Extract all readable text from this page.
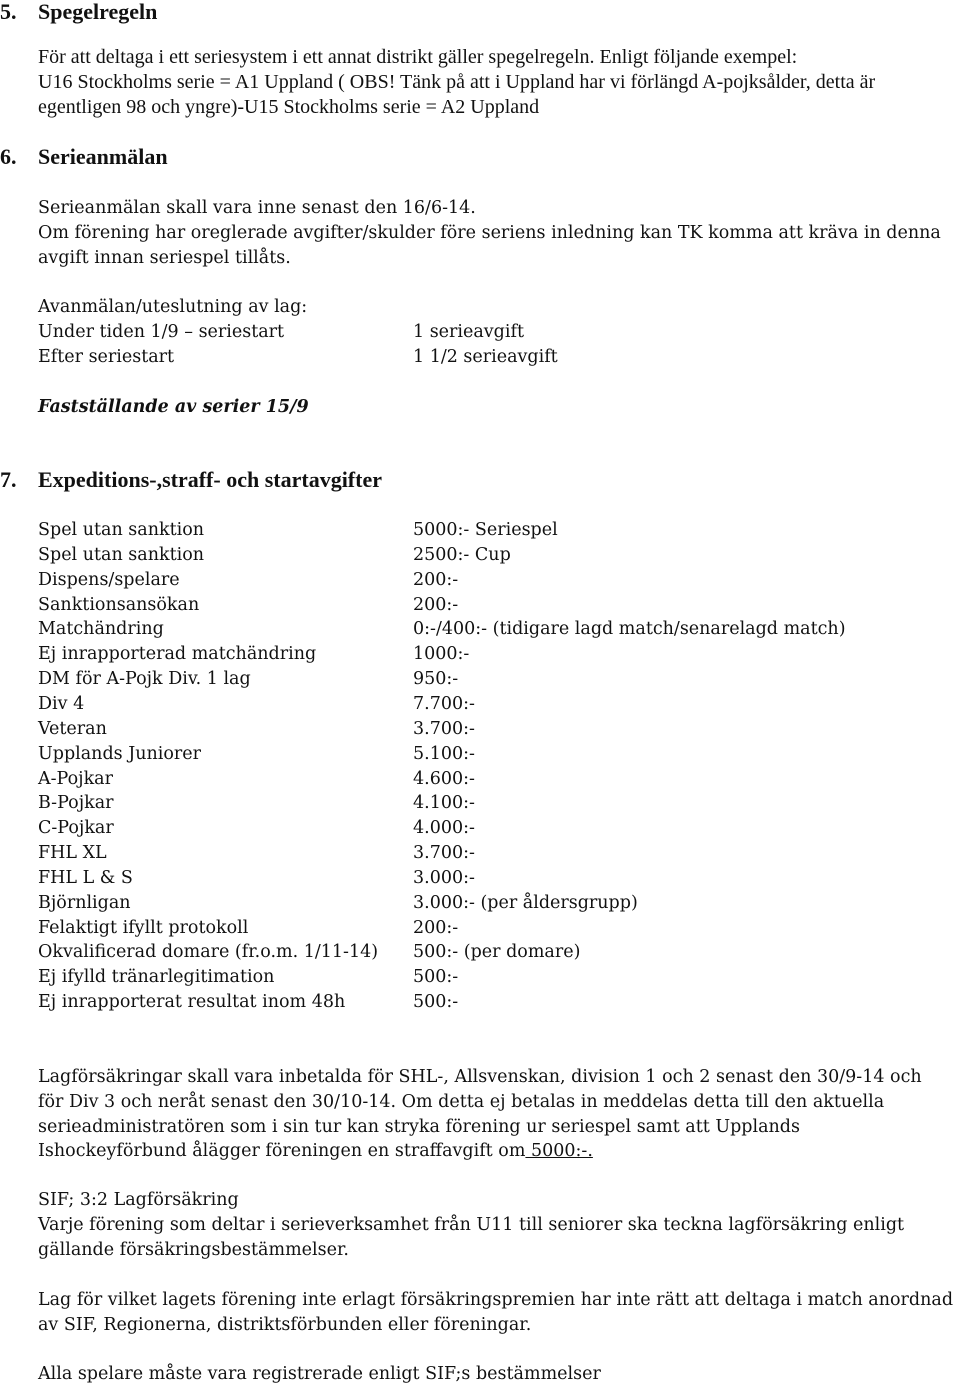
5. Spegelregeln
För att deltaga i ett seriesystem i ett annat distrikt gäller spegelregeln. Enligt följande exempel:
U16 Stockholms serie = A1 Uppland ( OBS! Tänk på att i Uppland har vi förlängd A-pojksålder, detta är
egentligen 98 och yngre)-U15 Stockholms serie = A2 Uppland
6. Serieanmälan
Serieanmälan skall vara inne senast den 16/6-14.
Om förening har oreglerade avgifter/skulder före seriens inledning kan TK komma att kräva in denna
avgift innan seriespel tillåts.
Avanmälan/uteslutning av lag:
Under tiden 1/9 – seriestart	1 serieavgift
Efter seriestart	1 1/2 serieavgift
Fastställande av serier 15/9
7. Expeditions-,straff- och startavgifter
Spel utan sanktion	5000:- Seriespel
Spel utan sanktion	2500:- Cup
Dispens/spelare	200:-
Sanktionsansökan	200:-
Matchändring	0:-/400:- (tidigare lagd match/senarelagd match)
Ej inrapporterad matchändring	1000:-
DM för A-Pojk Div. 1 lag	950:-
Div 4	7.700:-
Veteran	3.700:-
Upplands Juniorer	5.100:-
A-Pojkar	4.600:-
B-Pojkar	4.100:-
C-Pojkar	4.000:-
FHL XL	3.700:-
FHL L & S	3.000:-
Björnligan	3.000:- (per åldersgrupp)
Felaktigt ifyllt protokoll	200:-
Okvalificerad domare (fr.o.m. 1/11-14) 500:- (per domare)
Ej ifylld tränarlegitimation	500:-
Ej inrapporterat resultat inom 48h	500:-
Lagförsäkringar skall vara inbetalda för SHL-, Allsvenskan, division 1 och 2 senast den 30/9-14 och
för Div 3 och neråt senast den 30/10-14. Om detta ej betalas in meddelas detta till den aktuella
serieadministratören som i sin tur kan stryka förening ur seriespel samt att Upplands
Ishockeyförbund ålägger föreningen en straffavgift om 5000:-.
SIF; 3:2 Lagförsäkring
Varje förening som deltar i serieverksamhet från U11 till seniorer ska teckna lagförsäkring enligt
gällande försäkringsbestämmelser.
Lag för vilket lagets förening inte erlagt försäkringspremien har inte rätt att deltaga i match anordnad
av SIF, Regionerna, distriktsförbunden eller föreningar.
Alla spelare måste vara registrerade enligt SIF;s bestämmelser
